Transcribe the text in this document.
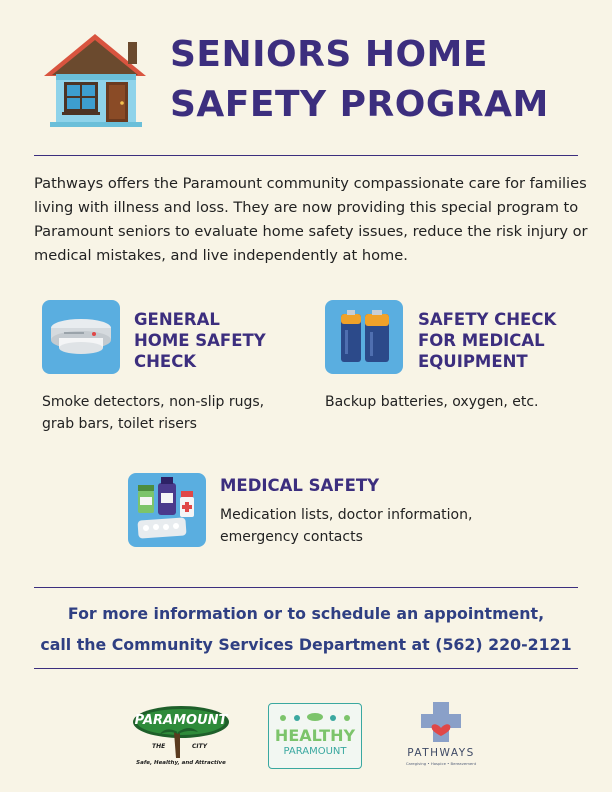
SENIORS HOME
SAFETY PROGRAM
Pathways offers the Paramount community compassionate care for families living with illness and loss. They are now providing this special program to Paramount seniors to evaluate home safety issues, reduce the risk injury or medical mistakes, and live independently at home.
GENERAL
HOME SAFETY
CHECK
Smoke detectors, non-slip rugs,
grab bars, toilet risers
SAFETY CHECK
FOR MEDICAL
EQUIPMENT
Backup batteries, oxygen, etc.
MEDICAL SAFETY
Medication lists, doctor information,
emergency contacts
For more information or to schedule an appointment,
call the Community Services Department at (562) 220-2121
PARAMOUNT
THE	CITY
Safe, Healthy, and Attractive
HEALTHY
PARAMOUNT	PATHWAYS
Caregiving • Hospice • Bereavement
